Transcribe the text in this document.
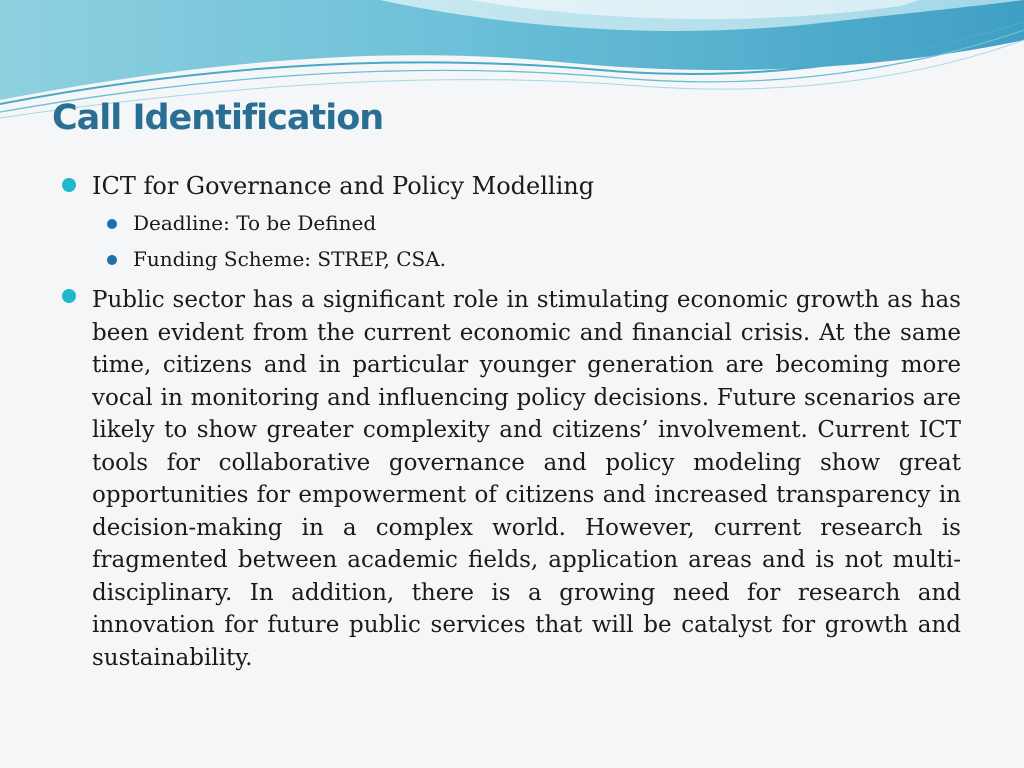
Call Identification

ICT for Governance and Policy Modelling

Deadline: To be Defined

Funding Scheme: STREP, CSA.

Public sector has a significant role in stimulating economic growth as has been evident from the current economic and financial crisis. At the same time, citizens and in particular younger generation are becoming more vocal in monitoring and influencing policy decisions. Future scenarios are likely to show greater complexity and citizens’ involvement. Current ICT tools for collaborative governance and policy modeling show great opportunities for empowerment of citizens and increased transparency in decision-making in a complex world. However, current research is fragmented between academic fields, application areas and is not multi-disciplinary. In addition, there is a growing need for research and innovation for future public services that will be catalyst for growth and sustainability.
